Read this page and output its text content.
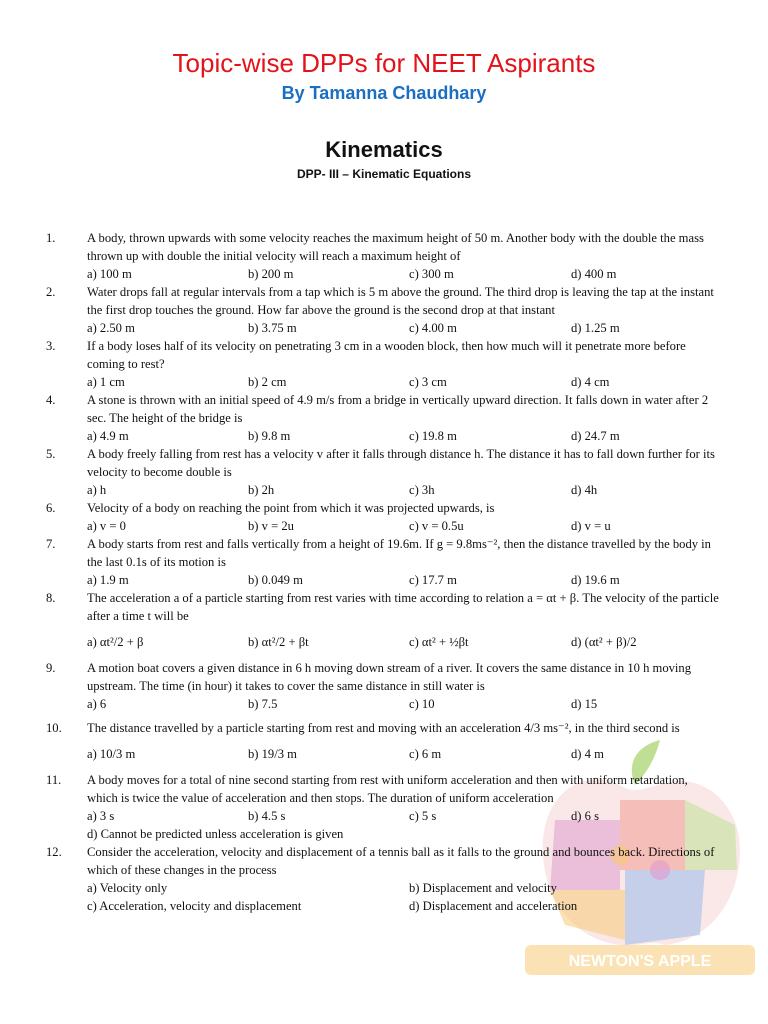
Topic-wise DPPs for NEET Aspirants
By Tamanna Chaudhary
Kinematics
DPP- III – Kinematic Equations
NEWTON'S APPLE
1.	A body, thrown upwards with some velocity reaches the maximum height of 50 m. Another body with the double the mass thrown up with double the initial velocity will reach a maximum height of
a) 100 m	b) 200 m	c) 300 m	d) 400 m
2.	Water drops fall at regular intervals from a tap which is 5 m above the ground. The third drop is leaving the tap at the instant the first drop touches the ground. How far above the ground is the second drop at that instant
a) 2.50 m	b) 3.75 m	c) 4.00 m	d) 1.25 m
3.	If a body loses half of its velocity on penetrating 3 cm in a wooden block, then how much will it penetrate more before coming to rest?
a) 1 cm	b) 2 cm	c) 3 cm	d) 4 cm
4.	A stone is thrown with an initial speed of 4.9 m/s from a bridge in vertically upward direction. It falls down in water after 2 sec. The height of the bridge is
a) 4.9 m	b) 9.8 m	c) 19.8 m	d) 24.7 m
5.	A body freely falling from rest has a velocity v after it falls through distance h. The distance it has to fall down further for its velocity to become double is
a) h	b) 2h	c) 3h	d) 4h
6.	Velocity of a body on reaching the point from which it was projected upwards, is
a) v = 0	b) v = 2u	c) v = 0.5u	d) v = u
7.	A body starts from rest and falls vertically from a height of 19.6m. If g = 9.8ms⁻², then the distance travelled by the body in the last 0.1s of its motion is
a) 1.9 m	b) 0.049 m	c) 17.7 m	d) 19.6 m
8.	The acceleration a of a particle starting from rest varies with time according to relation a = αt + β. The velocity of the particle after a time t will be
a) αt²/2 + β	b) αt²/2 + βt	c) αt² + ½βt	d) (αt² + β)/2
9.	A motion boat covers a given distance in 6 h moving down stream of a river. It covers the same distance in 10 h moving upstream. The time (in hour) it takes to cover the same distance in still water is
a) 6	b) 7.5	c) 10	d) 15
10. The distance travelled by a particle starting from rest and moving with an acceleration 4/3 ms⁻², in the third second is
a) 10/3 m	b) 19/3 m	c) 6 m	d) 4 m
11. A body moves for a total of nine second starting from rest with uniform acceleration and then with uniform retardation, which is twice the value of acceleration and then stops. The duration of uniform acceleration
a) 3 s	b) 4.5 s	c) 5 s	d) 6 s
d) Cannot be predicted unless acceleration is given
12. Consider the acceleration, velocity and displacement of a tennis ball as it falls to the ground and bounces back. Directions of which of these changes in the process
a) Velocity only	b) Displacement and velocity
c) Acceleration, velocity and displacement	d) Displacement and acceleration
